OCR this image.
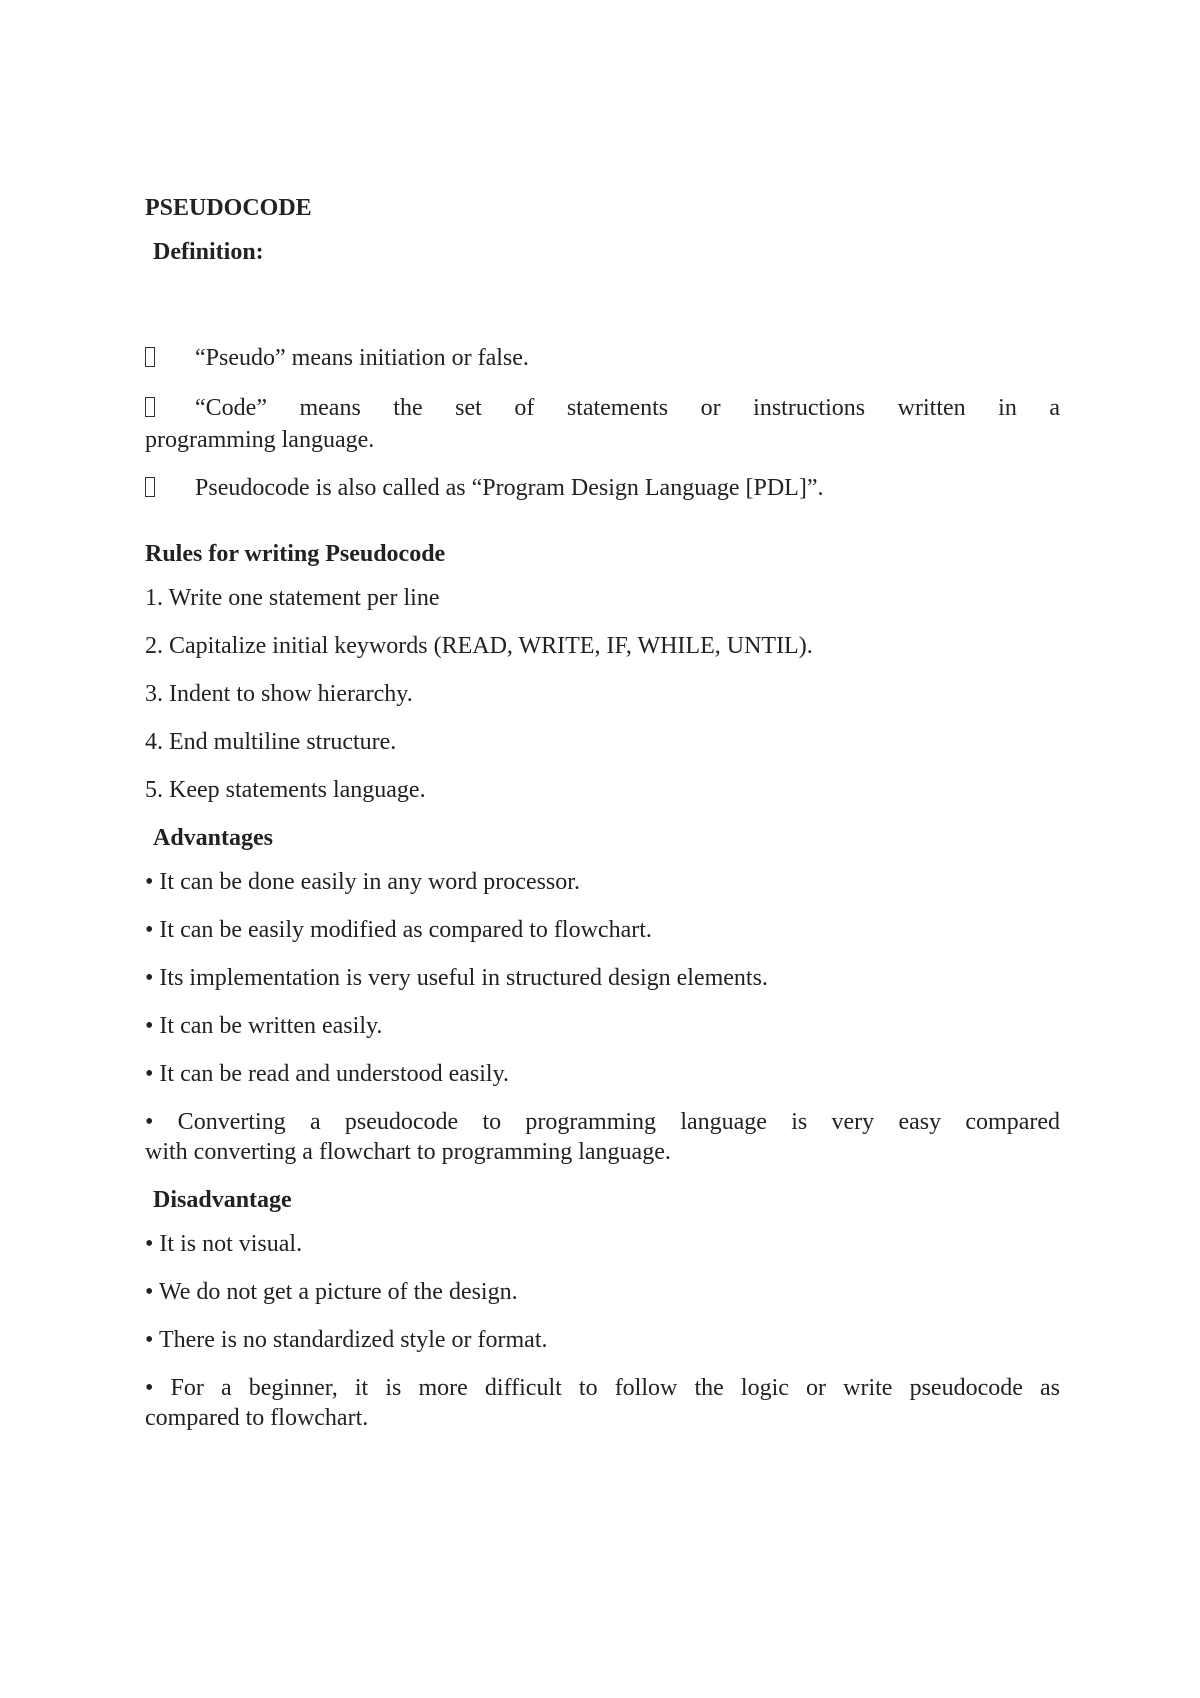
PSEUDOCODE
Definition:
“Pseudo” means initiation or false.
“Code” means the set of statements or instructions written in a
programming language.
Pseudocode is also called as “Program Design Language [PDL]”.
Rules for writing Pseudocode
1. Write one statement per line
2. Capitalize initial keywords (READ, WRITE, IF, WHILE, UNTIL).
3. Indent to show hierarchy.
4. End multiline structure.
5. Keep statements language.
Advantages
• It can be done easily in any word processor.
• It can be easily modified as compared to flowchart.
• Its implementation is very useful in structured design elements.
• It can be written easily.
• It can be read and understood easily.
• Converting a pseudocode to programming language is very easy compared
with converting a flowchart to programming language.
Disadvantage
• It is not visual.
• We do not get a picture of the design.
• There is no standardized style or format.
• For a beginner, it is more difficult to follow the logic or write pseudocode as
compared to flowchart.
